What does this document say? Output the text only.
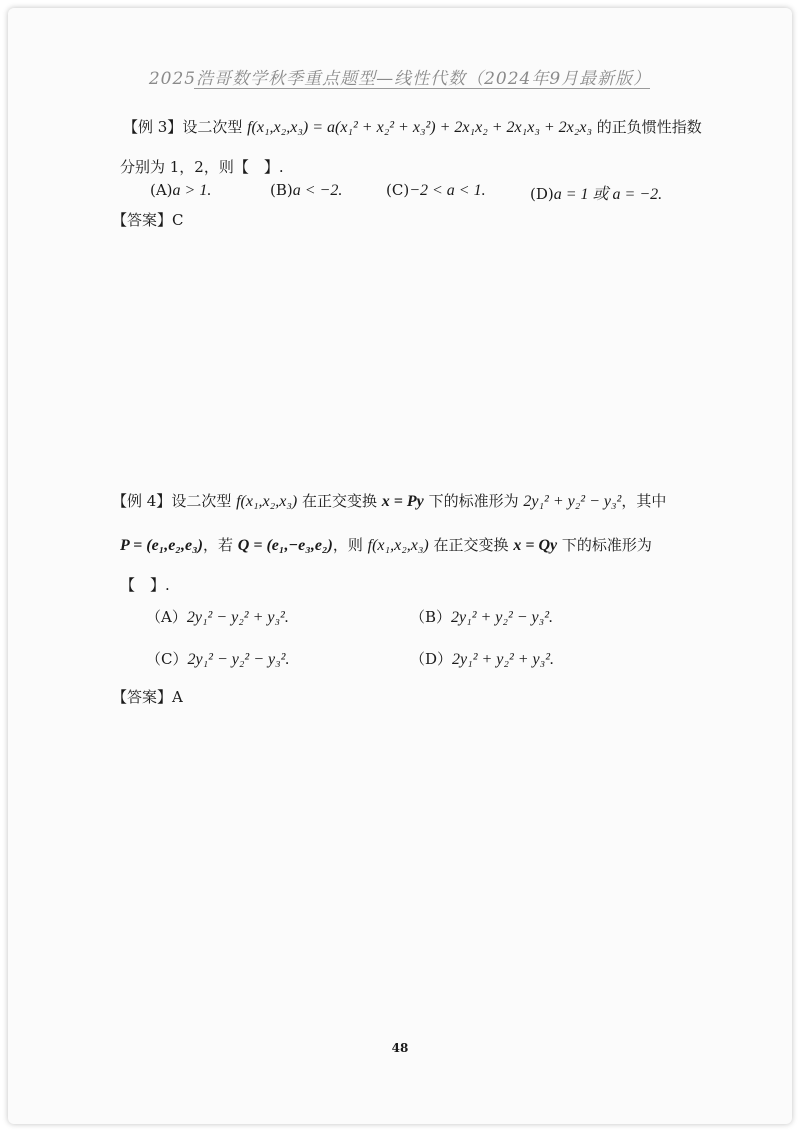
2025浩哥数学秋季重点题型—线性代数（2024年9月最新版）
【例 3】设二次型 f(x₁,x₂,x₃) = a(x₁² + x₂² + x₃²) + 2x₁x₂ + 2x₁x₃ + 2x₂x₃ 的正负惯性指数
分别为 1，2，则【　】.
(A)a > 1.	(B)a < −2.	(C)−2 < a < 1.	(D)a = 1 或 a = −2.
【答案】C
【例 4】设二次型 f(x₁,x₂,x₃) 在正交变换 x = Py 下的标准形为 2y₁² + y₂² − y₃²，其中
P = (e₁,e₂,e₃)，若 Q = (e₁,−e₃,e₂)，则 f(x₁,x₂,x₃) 在正交变换 x = Qy 下的标准形为
【　】.
（A）2y₁² − y₂² + y₃².	（B）2y₁² + y₂² − y₃².
（C）2y₁² − y₂² − y₃².	（D）2y₁² + y₂² + y₃².
【答案】A
48
